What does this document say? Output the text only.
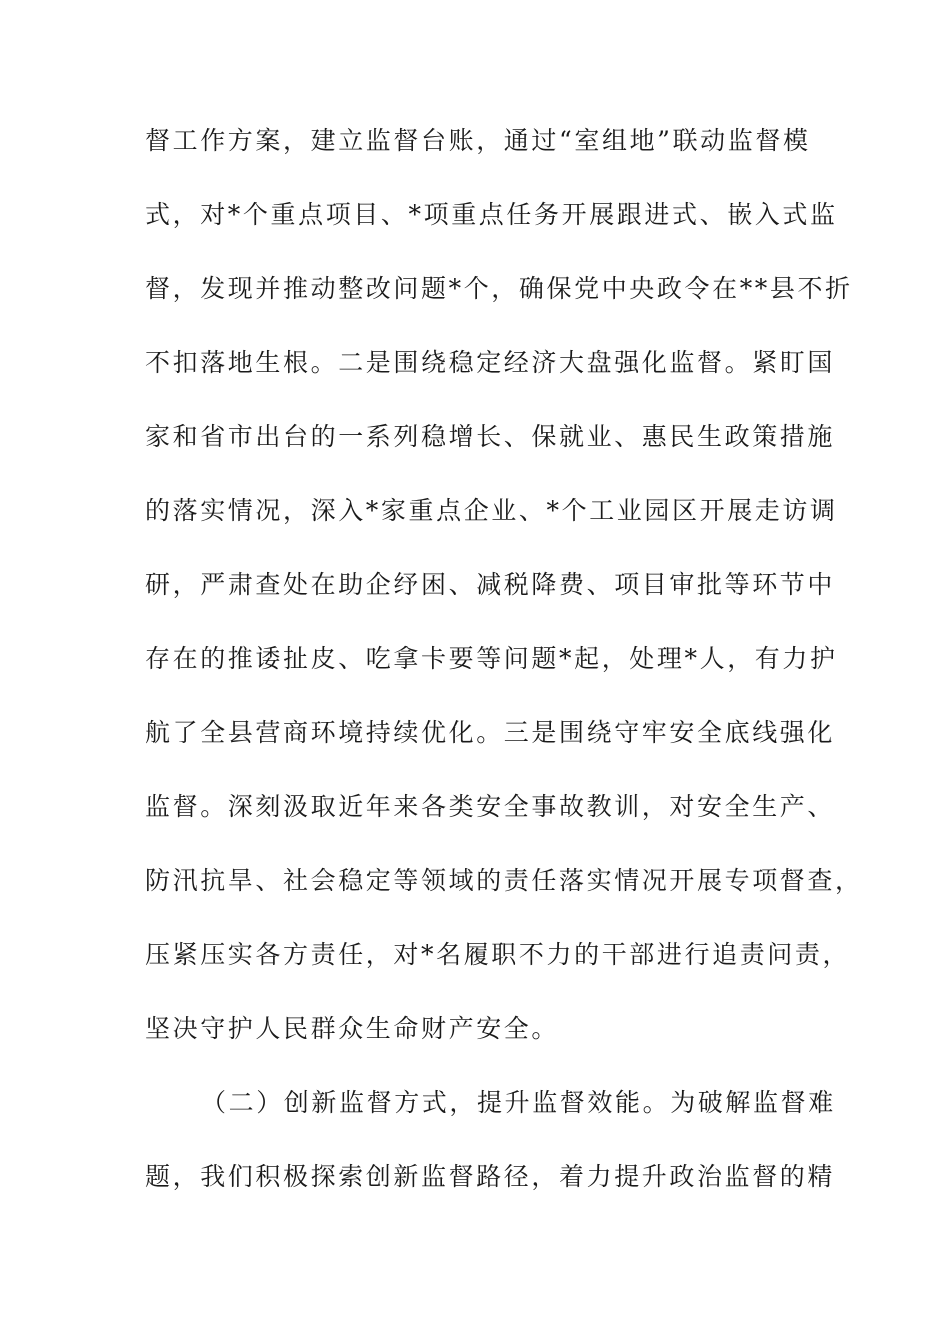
督工作方案，建立监督台账，通过“室组地”联动监督模
式，对*个重点项目、*项重点任务开展跟进式、嵌入式监
督，发现并推动整改问题*个，确保党中央政令在**县不折
不扣落地生根。二是围绕稳定经济大盘强化监督。紧盯国
家和省市出台的一系列稳增长、保就业、惠民生政策措施
的落实情况，深入*家重点企业、*个工业园区开展走访调
研，严肃查处在助企纾困、减税降费、项目审批等环节中
存在的推诿扯皮、吃拿卡要等问题*起，处理*人，有力护
航了全县营商环境持续优化。三是围绕守牢安全底线强化
监督。深刻汲取近年来各类安全事故教训，对安全生产、
防汛抗旱、社会稳定等领域的责任落实情况开展专项督查，
压紧压实各方责任，对*名履职不力的干部进行追责问责，
坚决守护人民群众生命财产安全。
（二）创新监督方式，提升监督效能。为破解监督难
题，我们积极探索创新监督路径，着力提升政治监督的精
